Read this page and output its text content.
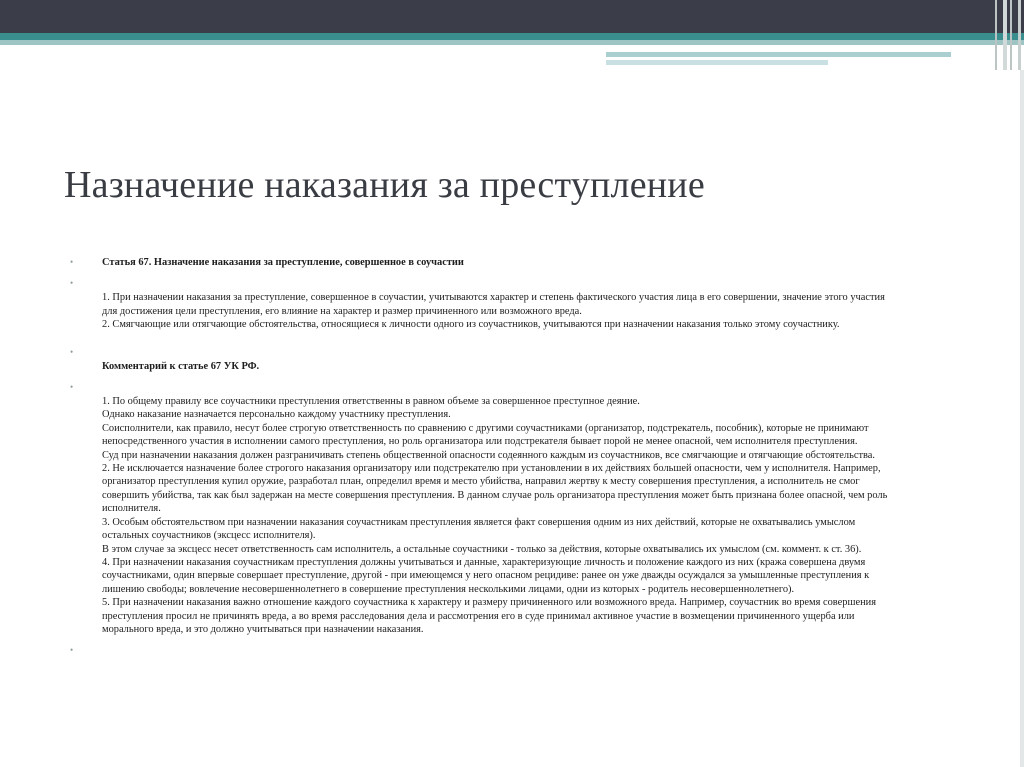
Назначение наказания за преступление
•	Статья 67. Назначение наказания за преступление, совершенное в соучастии
•
1. При назначении наказания за преступление, совершенное в соучастии, учитываются характер и степень фактического участия лица в его совершении, значение этого участия
для достижения цели преступления, его влияние на характер и размер причиненного или возможного вреда.
2. Смягчающие или отягчающие обстоятельства, относящиеся к личности одного из соучастников, учитываются при назначении наказания только этому соучастнику.
•
Комментарий к статье 67 УК РФ.
•
1. По общему правилу все соучастники преступления ответственны в равном объеме за совершенное преступное деяние.
Однако наказание назначается персонально каждому участнику преступления.
Соисполнители, как правило, несут более строгую ответственность по сравнению с другими соучастниками (организатор, подстрекатель, пособник), которые не принимают
непосредственного участия в исполнении самого преступления, но роль организатора или подстрекателя бывает порой не менее опасной, чем исполнителя преступления.
Суд при назначении наказания должен разграничивать степень общественной опасности содеянного каждым из соучастников, все смягчающие и отягчающие обстоятельства.
2. Не исключается назначение более строгого наказания организатору или подстрекателю при установлении в их действиях большей опасности, чем у исполнителя. Например,
организатор преступления купил оружие, разработал план, определил время и место убийства, направил жертву к месту совершения преступления, а исполнитель не смог
совершить убийства, так как был задержан на месте совершения преступления. В данном случае роль организатора преступления может быть признана более опасной, чем роль
исполнителя.
3. Особым обстоятельством при назначении наказания соучастникам преступления является факт совершения одним из них действий, которые не охватывались умыслом
остальных соучастников (эксцесс исполнителя).
В этом случае за эксцесс несет ответственность сам исполнитель, а остальные соучастники - только за действия, которые охватывались их умыслом (см. коммент. к ст. 36).
4. При назначении наказания соучастникам преступления должны учитываться и данные, характеризующие личность и положение каждого из них (кража совершена двумя
соучастниками, один впервые совершает преступление, другой - при имеющемся у него опасном рецидиве: ранее он уже дважды осуждался за умышленные преступления к
лишению свободы; вовлечение несовершеннолетнего в совершение преступления несколькими лицами, одни из которых - родитель несовершеннолетнего).
5. При назначении наказания важно отношение каждого соучастника к характеру и размеру причиненного или возможного вреда. Например, соучастник во время совершения
преступления просил не причинять вреда, а во время расследования дела и рассмотрения его в суде принимал активное участие в возмещении причиненного ущерба или
морального вреда, и это должно учитываться при назначении наказания.
•
